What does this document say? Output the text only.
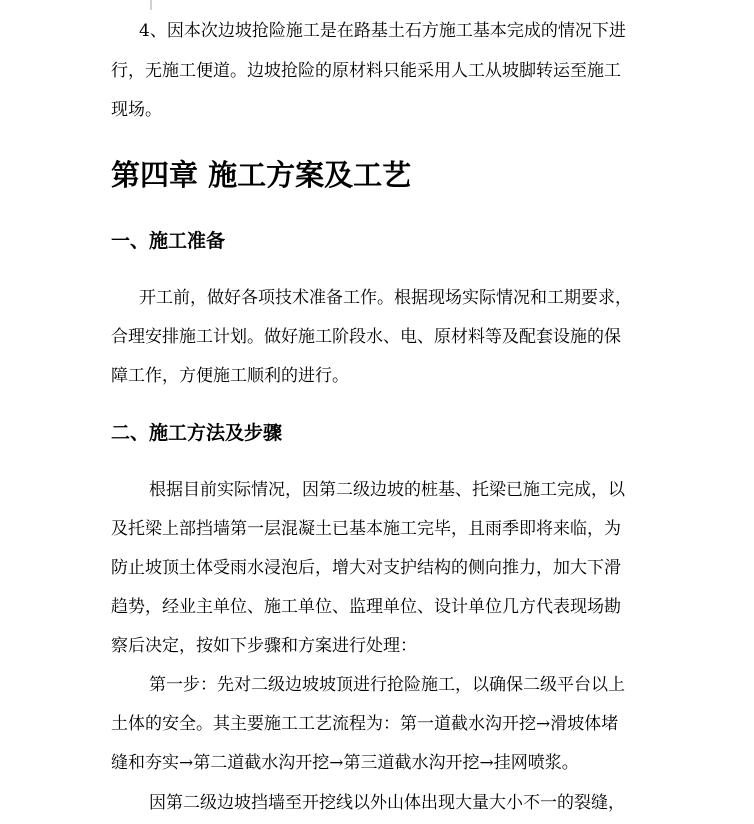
4、因本次边坡抢险施工是在路基土石方施工基本完成的情况下进
行，无施工便道。边坡抢险的原材料只能采用人工从坡脚转运至施工
现场。
第四章 施工方案及工艺
一、施工准备
开工前，做好各项技术准备工作。根据现场实际情况和工期要求，
合理安排施工计划。做好施工阶段水、电、原材料等及配套设施的保
障工作，方便施工顺利的进行。
二、施工方法及步骤
根据目前实际情况，因第二级边坡的桩基、托梁已施工完成，以
及托梁上部挡墙第一层混凝土已基本施工完毕，且雨季即将来临，为
防止坡顶土体受雨水浸泡后，增大对支护结构的侧向推力，加大下滑
趋势，经业主单位、施工单位、监理单位、设计单位几方代表现场勘
察后决定，按如下步骤和方案进行处理：
第一步：先对二级边坡坡顶进行抢险施工，以确保二级平台以上
土体的安全。其主要施工工艺流程为：第一道截水沟开挖→滑坡体堵
缝和夯实→第二道截水沟开挖→第三道截水沟开挖→挂网喷浆。
因第二级边坡挡墙至开挖线以外山体出现大量大小不一的裂缝，
